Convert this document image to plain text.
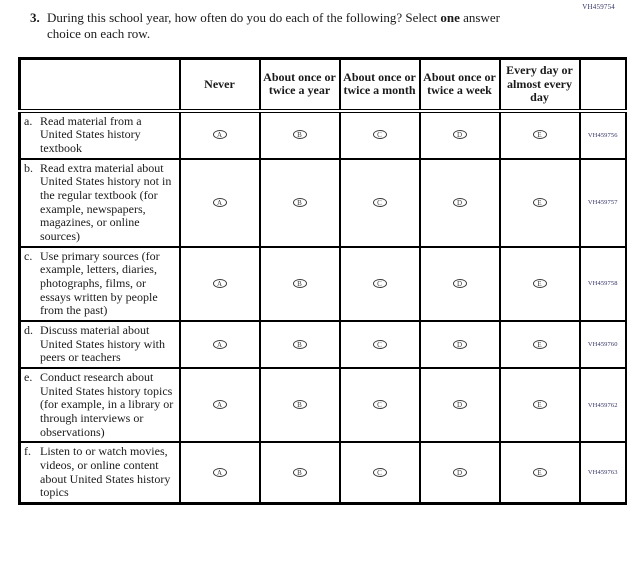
VH459754
3. During this school year, how often do you do each of the following? Select one answer choice on each row.
	Never	About once or twice a year	About once or twice a month	About once or twice a week	Every day or almost every day	

a. Read material from a United States history textbook	A	B	C	D	E	VH459756

b. Read extra material about United States history not in the regular textbook (for example, newspapers, magazines, or online sources)	A	B	C	D	E	VH459757

c. Use primary sources (for example, letters, diaries, photographs, films, or essays written by people from the past)	A	B	C	D	E	VH459758

d. Discuss material about United States history with peers or teachers	A	B	C	D	E	VH459760

e. Conduct research about United States history topics (for example, in a library or through interviews or observations)	A	B	C	D	E	VH459762

f. Listen to or watch movies, videos, or online content about United States history topics	A	B	C	D	E	VH459763
